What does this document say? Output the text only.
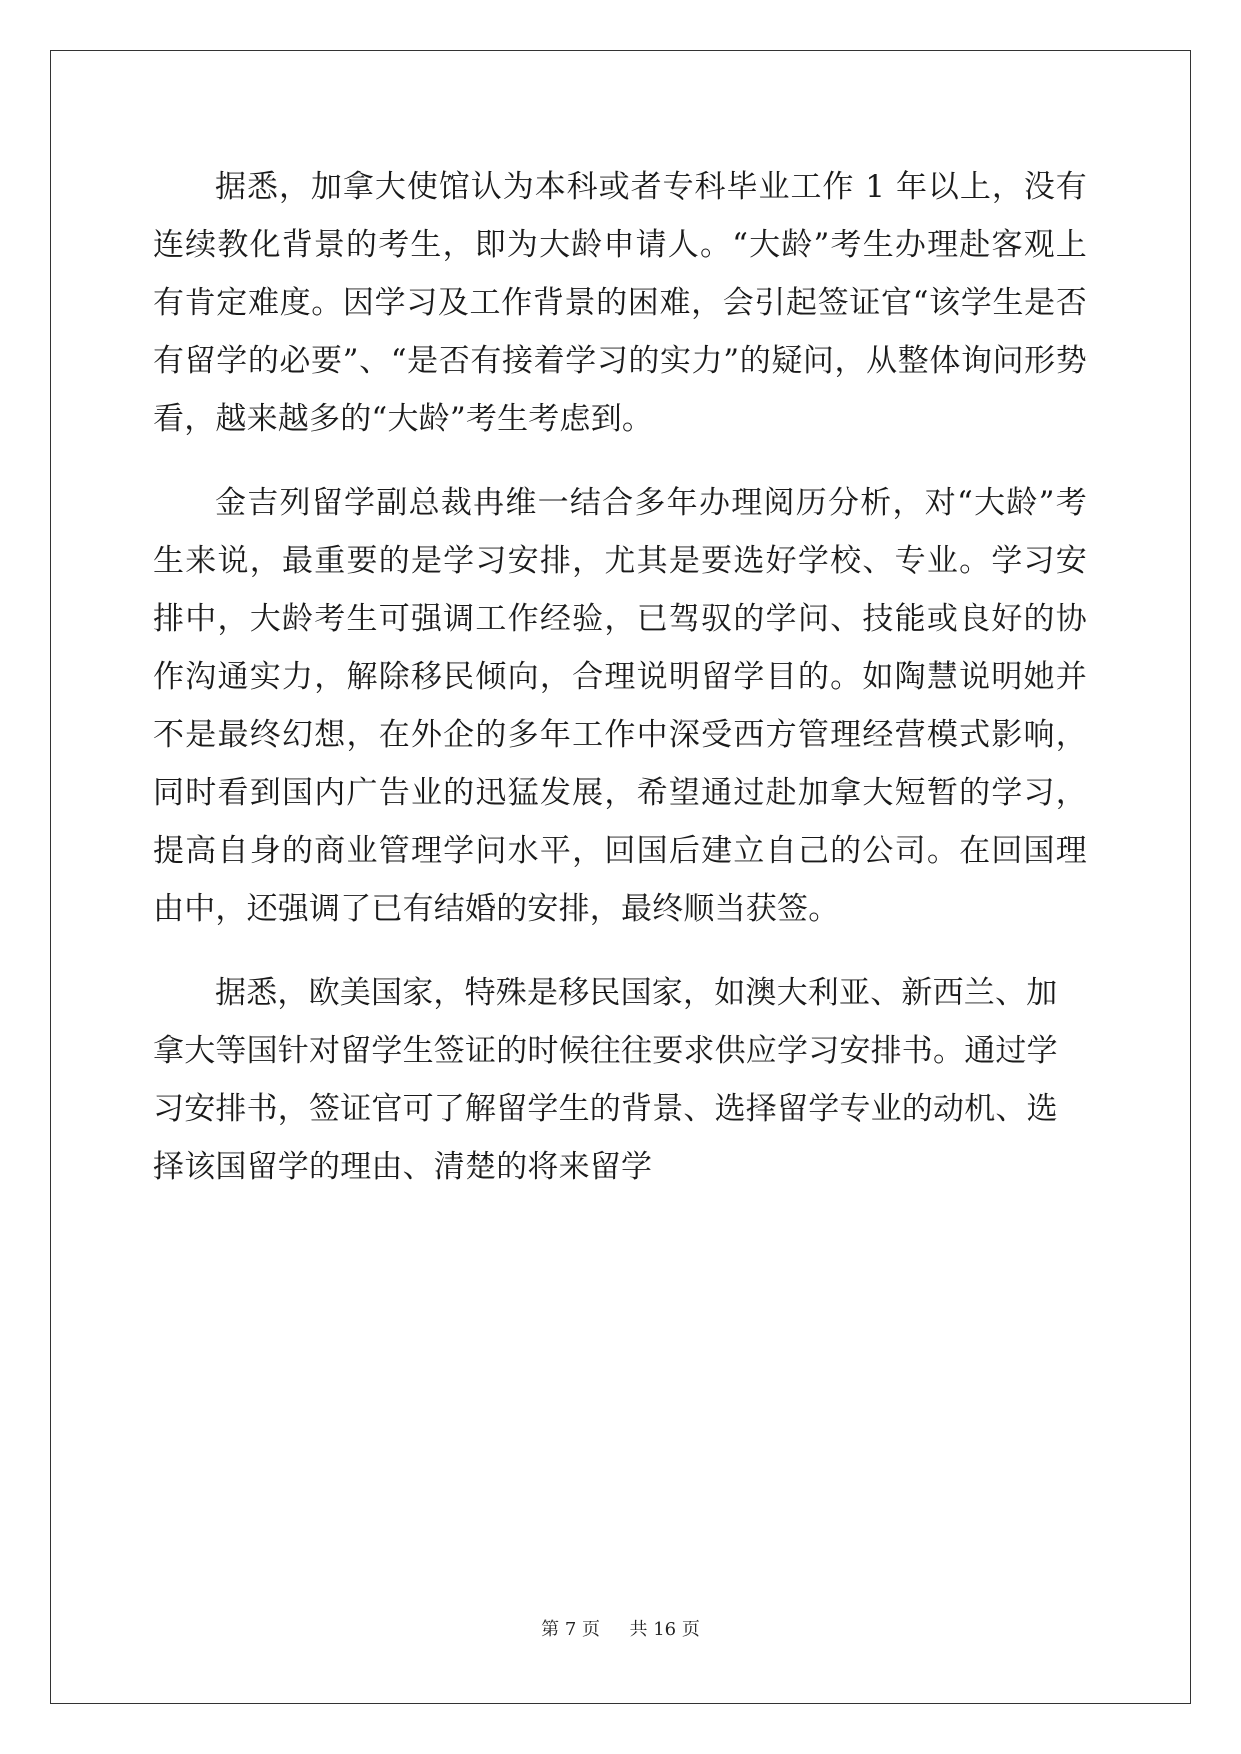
据悉，加拿大使馆认为本科或者专科毕业工作 1 年以上，没有连续教化背景的考生，即为大龄申请人。“大龄”考生办理赴客观上有肯定难度。因学习及工作背景的困难，会引起签证官“该学生是否有留学的必要”、“是否有接着学习的实力”的疑问，从整体询问形势看，越来越多的“大龄”考生考虑到。

金吉列留学副总裁冉维一结合多年办理阅历分析，对“大龄”考生来说，最重要的是学习安排，尤其是要选好学校、专业。学习安排中，大龄考生可强调工作经验，已驾驭的学问、技能或良好的协作沟通实力，解除移民倾向，合理说明留学目的。如陶慧说明她并不是最终幻想，在外企的多年工作中深受西方管理经营模式影响，同时看到国内广告业的迅猛发展，希望通过赴加拿大短暂的学习，提高自身的商业管理学问水平，回国后建立自己的公司。在回国理由中，还强调了已有结婚的安排，最终顺当获签。

据悉，欧美国家，特殊是移民国家，如澳大利亚、新西兰、加拿大等国针对留学生签证的时候往往要求供应学习安排书。通过学习安排书，签证官可了解留学生的背景、选择留学专业的动机、选择该国留学的理由、清楚的将来留学

第 7 页 共 16 页
